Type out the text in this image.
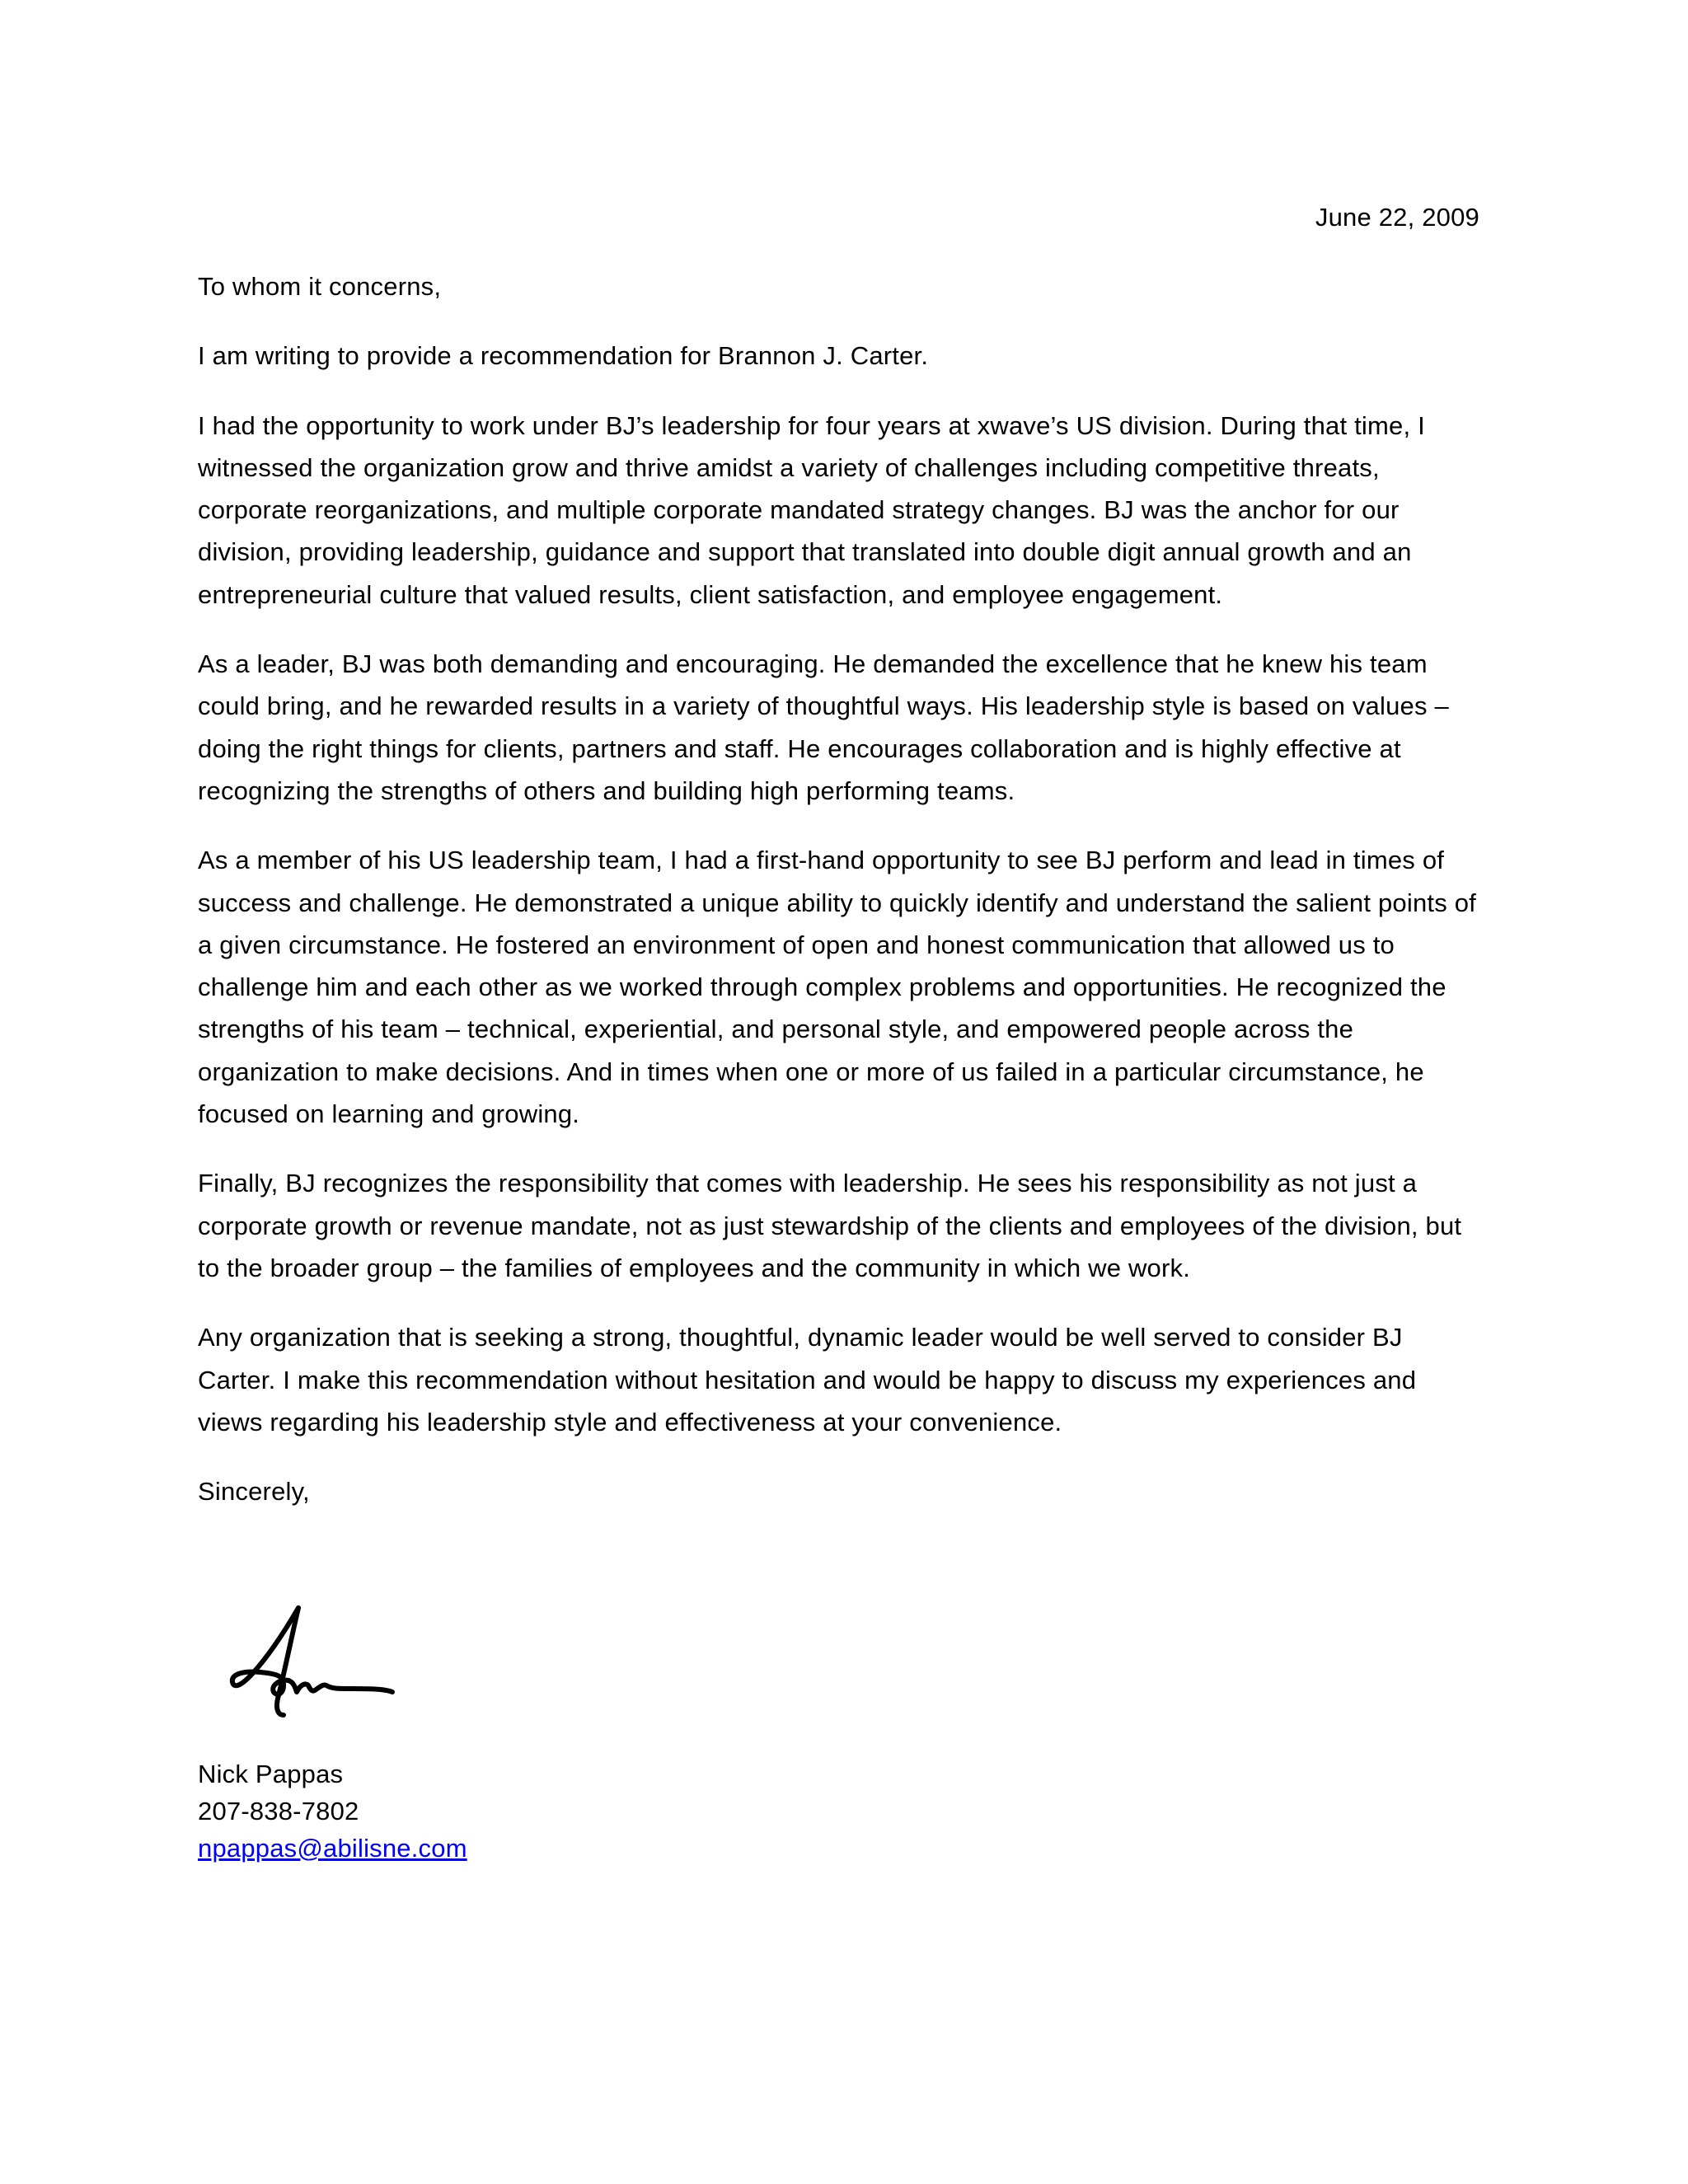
June 22, 2009

To whom it concerns,

I am writing to provide a recommendation for Brannon J. Carter.

I had the opportunity to work under BJ’s leadership for four years at xwave’s US division. During that time, I witnessed the organization grow and thrive amidst a variety of challenges including competitive threats, corporate reorganizations, and multiple corporate mandated strategy changes. BJ was the anchor for our division, providing leadership, guidance and support that translated into double digit annual growth and an entrepreneurial culture that valued results, client satisfaction, and employee engagement.

As a leader, BJ was both demanding and encouraging. He demanded the excellence that he knew his team could bring, and he rewarded results in a variety of thoughtful ways. His leadership style is based on values – doing the right things for clients, partners and staff. He encourages collaboration and is highly effective at recognizing the strengths of others and building high performing teams.

As a member of his US leadership team, I had a first-hand opportunity to see BJ perform and lead in times of success and challenge. He demonstrated a unique ability to quickly identify and understand the salient points of a given circumstance. He fostered an environment of open and honest communication that allowed us to challenge him and each other as we worked through complex problems and opportunities. He recognized the strengths of his team – technical, experiential, and personal style, and empowered people across the organization to make decisions. And in times when one or more of us failed in a particular circumstance, he focused on learning and growing.

Finally, BJ recognizes the responsibility that comes with leadership. He sees his responsibility as not just a corporate growth or revenue mandate, not as just stewardship of the clients and employees of the division, but to the broader group – the families of employees and the community in which we work.

Any organization that is seeking a strong, thoughtful, dynamic leader would be well served to consider BJ Carter. I make this recommendation without hesitation and would be happy to discuss my experiences and views regarding his leadership style and effectiveness at your convenience.

Sincerely,

Nick Pappas
207-838-7802
npappas@abilisne.com
